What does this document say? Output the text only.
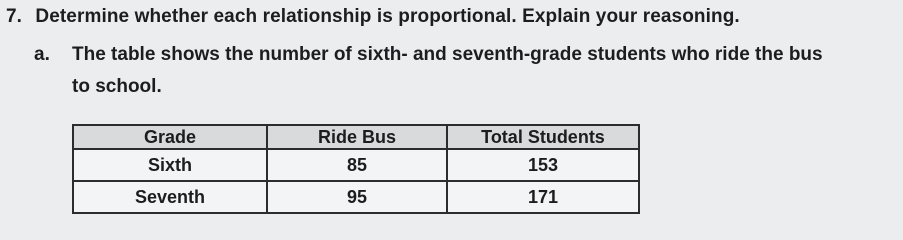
7. Determine whether each relationship is proportional. Explain your reasoning.
a. The table shows the number of sixth- and seventh-grade students who ride the bus
to school.
Grade	Ride Bus	Total Students
Sixth	85	153
Seventh	95	171
